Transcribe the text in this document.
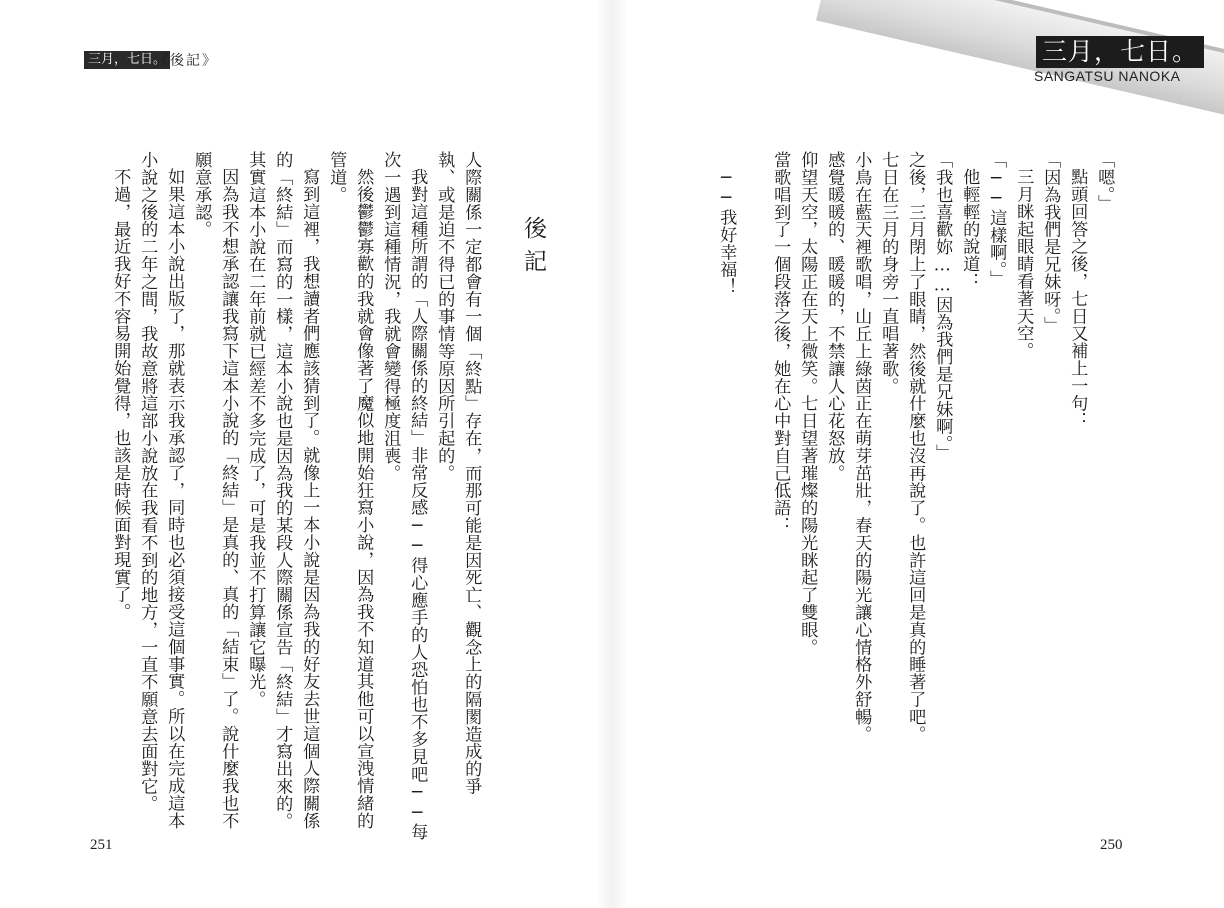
三月，七日。
SANGATSU NANOKA
三月，七日。
《後記》
「嗯。」
點頭回答之後，七日又補上一句：
「因為我們是兄妹呀。」
三月眯起眼睛看著天空。
「──這樣啊。」
他輕輕的說道：
「我也喜歡妳……因為我們是兄妹啊。」
之後，三月閉上了眼睛，然後就什麼也沒再說了。也許這回是真的睡著了吧。
七日在三月的身旁一直唱著歌。
小鳥在藍天裡歌唱，山丘上綠茵正在萌芽茁壯，春天的陽光讓心情格外舒暢。
感覺暖暖的、暖暖的，不禁讓人心花怒放。
仰望天空，太陽正在天上微笑。七日望著璀燦的陽光眯起了雙眼。
當歌唱到了一個段落之後，她在心中對自己低語：
──我好幸福！
後記
人際關係一定都會有一個「終點」存在，而那可能是因死亡、觀念上的隔閡造成的爭
執、或是迫不得已的事情等原因所引起的。
我對這種所謂的「人際關係的終結」非常反感──得心應手的人恐怕也不多見吧──每
次一遇到這種情況，我就會變得極度沮喪。
然後鬱鬱寡歡的我就會像著了魔似地開始狂寫小說，因為我不知道其他可以宣洩情緒的
管道。
寫到這裡，我想讀者們應該猜到了。就像上一本小說是因為我的好友去世這個人際關係
的「終結」而寫的一樣，這本小說也是因為我的某段人際關係宣告「終結」才寫出來的。
其實這本小說在二年前就已經差不多完成了，可是我並不打算讓它曝光。
因為我不想承認讓我寫下這本小說的「終結」是真的、真的「結束」了。說什麼我也不
願意承認。
如果這本小說出版了，那就表示我承認了，同時也必須接受這個事實。所以在完成這本
小說之後的二年之間，我故意將這部小說放在我看不到的地方，一直不願意去面對它。
不過，最近我好不容易開始覺得，也該是時候面對現實了。
251	250
